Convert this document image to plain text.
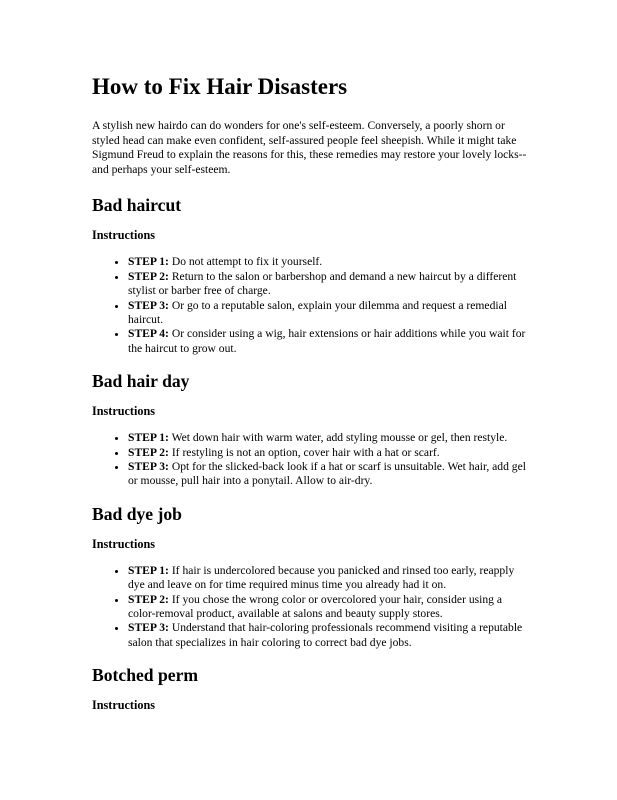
How to Fix Hair Disasters

A stylish new hairdo can do wonders for one's self-esteem. Conversely, a poorly shorn or styled head can make even confident, self-assured people feel sheepish. While it might take Sigmund Freud to explain the reasons for this, these remedies may restore your lovely locks--and perhaps your self-esteem.

Bad haircut
Instructions
• STEP 1: Do not attempt to fix it yourself.
• STEP 2: Return to the salon or barbershop and demand a new haircut by a different stylist or barber free of charge.
• STEP 3: Or go to a reputable salon, explain your dilemma and request a remedial haircut.
• STEP 4: Or consider using a wig, hair extensions or hair additions while you wait for the haircut to grow out.
Bad hair day
Instructions
• STEP 1: Wet down hair with warm water, add styling mousse or gel, then restyle.
• STEP 2: If restyling is not an option, cover hair with a hat or scarf.
• STEP 3: Opt for the slicked-back look if a hat or scarf is unsuitable. Wet hair, add gel or mousse, pull hair into a ponytail. Allow to air-dry.
Bad dye job
Instructions
• STEP 1: If hair is undercolored because you panicked and rinsed too early, reapply dye and leave on for time required minus time you already had it on.
• STEP 2: If you chose the wrong color or overcolored your hair, consider using a color-removal product, available at salons and beauty supply stores.
• STEP 3: Understand that hair-coloring professionals recommend visiting a reputable salon that specializes in hair coloring to correct bad dye jobs.
Botched perm
Instructions
